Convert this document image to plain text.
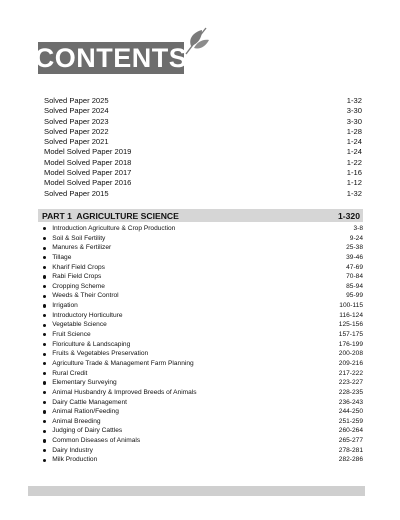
CONTENTS
Solved Paper 2025	1-32
Solved Paper 2024	3-30
Solved Paper 2023	3-30
Solved Paper 2022	1-28
Solved Paper 2021	1-24
Model Solved Paper 2019	1-24
Model Solved Paper 2018	1-22
Model Solved Paper 2017	1-16
Model Solved Paper 2016	1-12
Solved Paper 2015	1-32
PART 1  AGRICULTURE SCIENCE	1-320
Introduction Agriculture & Crop Production	3-8
Soil & Soil Fertility	9-24
Manures & Fertilizer	25-38
Tillage	39-46
Kharif Field Crops	47-69
Rabi Field Crops	70-84
Cropping Scheme	85-94
Weeds & Their Control	95-99
Irrigation	100-115
Introductory Horticulture	116-124
Vegetable Science	125-156
Fruit Science	157-175
Floriculture & Landscaping	176-199
Fruits & Vegetables Preservation	200-208
Agriculture Trade & Management Farm Planning	209-216
Rural Credit	217-222
Elementary Surveying	223-227
Animal Husbandry & Improved Breeds of Animals	228-235
Dairy Cattle Management	236-243
Animal Ration/Feeding	244-250
Animal Breeding	251-259
Judging of Dairy Cattles	260-264
Common Diseases of Animals	265-277
Dairy Industry	278-281
Milk Production	282-286
